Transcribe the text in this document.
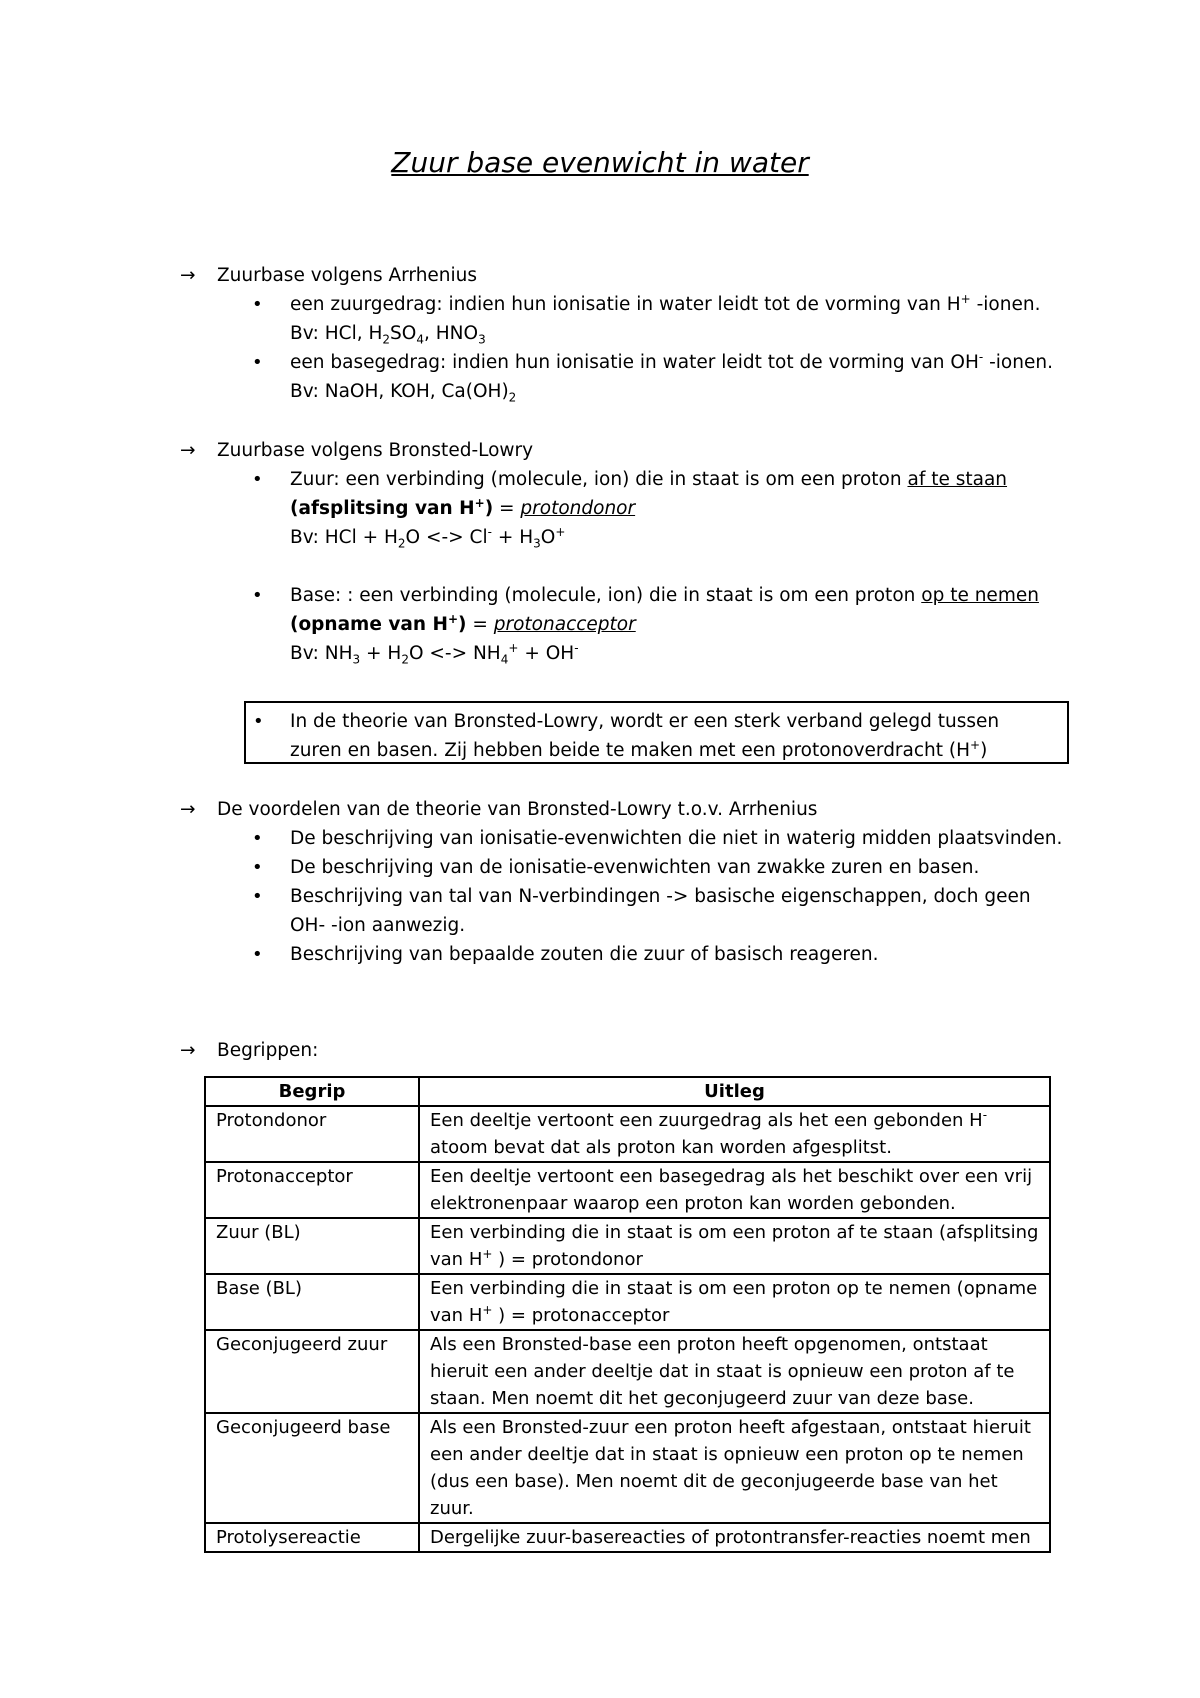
Zuur base evenwicht in water
→ Zuurbase volgens Arrhenius
• een zuurgedrag: indien hun ionisatie in water leidt tot de vorming van H+ -ionen.
Bv: HCl, $H_2SO_4$, $HNO_3$
• een basegedrag: indien hun ionisatie in water leidt tot de vorming van OH- -ionen.
Bv: NaOH, KOH, $Ca(OH)_2$
→ Zuurbase volgens Bronsted-Lowry
• Zuur: een verbinding (molecule, ion) die in staat is om een proton af te staan
(afsplitsing van H+) = protondonor
Bv: HCl + $H_2O$ <-> $Cl^- + H_3O^+$
• Base: : een verbinding (molecule, ion) die in staat is om een proton op te nemen
(opname van H+) = protonacceptor
Bv: $NH_3 + H_2O$ <-> $NH_4^+ + OH^-$
• In de theorie van Bronsted-Lowry, wordt er een sterk verband gelegd tussen zuren en basen. Zij hebben beide te maken met een protonoverdracht (H+)
→ De voordelen van de theorie van Bronsted-Lowry t.o.v. Arrhenius
• De beschrijving van ionisatie-evenwichten die niet in waterig midden plaatsvinden.
• De beschrijving van de ionisatie-evenwichten van zwakke zuren en basen.
• Beschrijving van tal van N-verbindingen -> basische eigenschappen, doch geen OH- -ion aanwezig.
• Beschrijving van bepaalde zouten die zuur of basisch reageren.
→ Begrippen:
Begrip	Uitleg
Protondonor	Een deeltje vertoont een zuurgedrag als het een gebonden H- atoom bevat dat als proton kan worden afgesplitst.
Protonacceptor	Een deeltje vertoont een basegedrag als het beschikt over een vrij elektronenpaar waarop een proton kan worden gebonden.
Zuur (BL)	Een verbinding die in staat is om een proton af te staan (afsplitsing van H+ ) = protondonor
Base (BL)	Een verbinding die in staat is om een proton op te nemen (opname van H+ ) = protonacceptor
Geconjugeerd zuur	Als een Bronsted-base een proton heeft opgenomen, ontstaat hieruit een ander deeltje dat in staat is opnieuw een proton af te staan. Men noemt dit het geconjugeerd zuur van deze base.
Geconjugeerd base	Als een Bronsted-zuur een proton heeft afgestaan, ontstaat hieruit een ander deeltje dat in staat is opnieuw een proton op te nemen (dus een base). Men noemt dit de geconjugeerde base van het zuur.
Protolysereactie	Dergelijke zuur-basereacties of protontransfer-reacties noemt men
